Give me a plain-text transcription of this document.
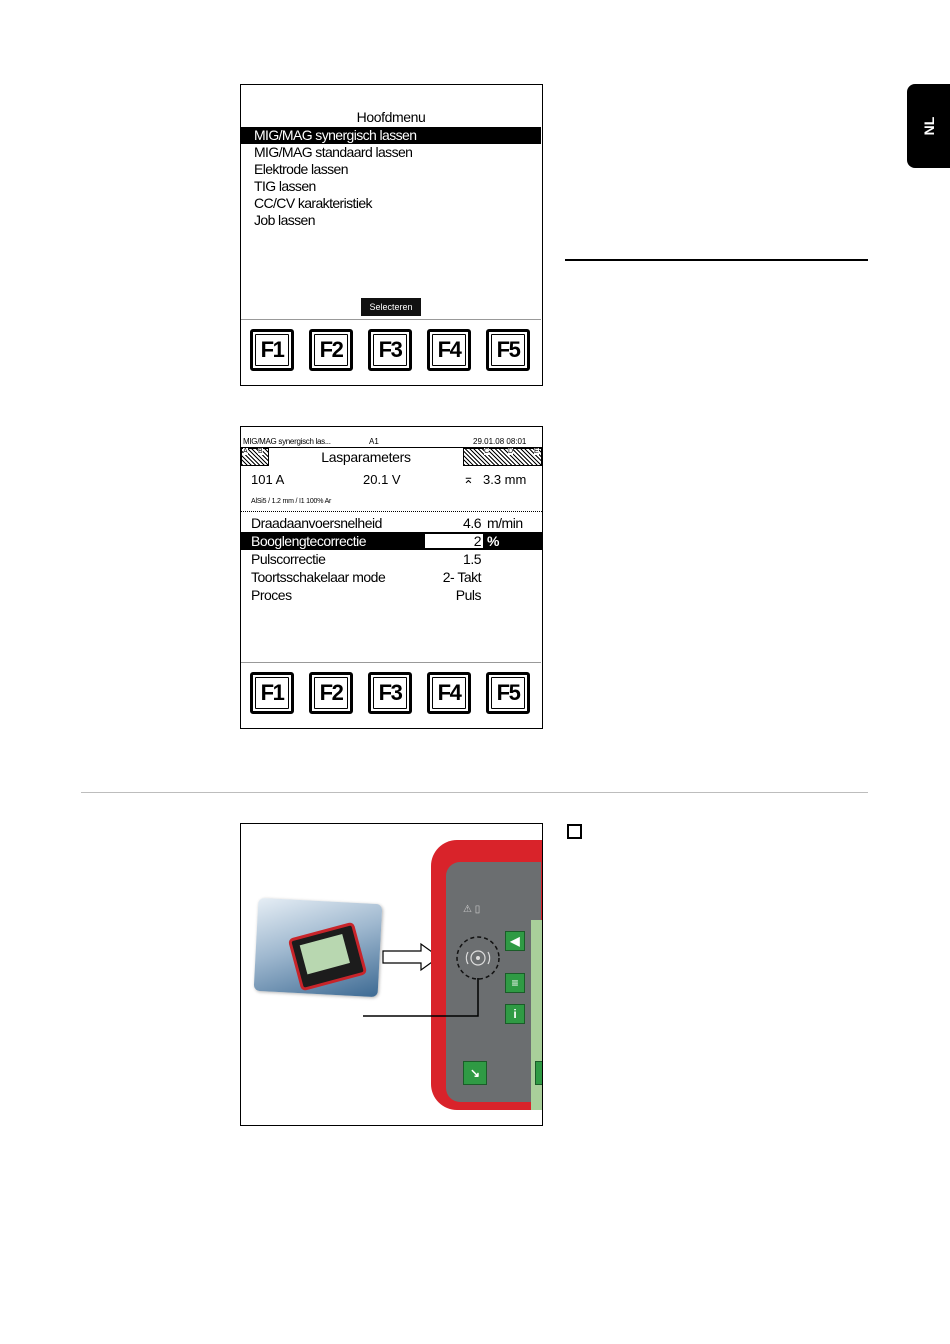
NL
Hoofdmenu
MIG/MAG synergisch lassen
MIG/MAG standaard lassen
Elektrode lassen
TIG lassen
CC/CV karakteristiek
Job lassen
Selecteren
F1	F2	F3	F4	F5
MIG/MAG synergisch las...	A1	29.01.08 08:01
A B	C	D	E
Lasparameters
101 A	20.1 V	⌅ 3.3 mm
AlSi5 / 1.2 mm / I1 100% Ar
Draadaanvoersnelheid	4.6 m/min
Booglengtecorrectie	2 %
Pulscorrectie	1.5
Toortsschakelaar mode	2- Takt
Proces	Puls
F1	F2	F3	F4	F5
⚠ ▯
◀
≡
i
↘
